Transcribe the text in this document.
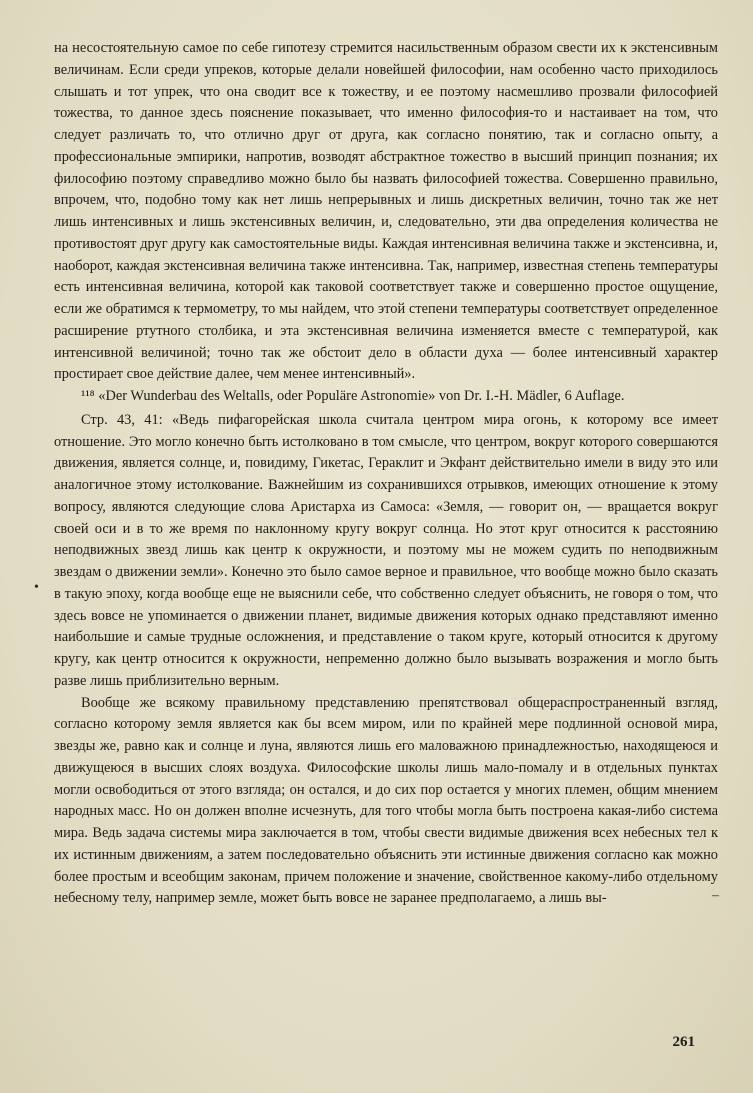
на несостоятельную самое по себе гипотезу стремится насильственным образом свести их к экстенсивным величинам. Если среди упреков, которые делали новейшей философии, нам особенно часто приходилось слышать и тот упрек, что она сводит все к тожеству, и ее поэтому насмешливо прозвали философией тожества, то данное здесь пояснение показывает, что именно философия-то и настаивает на том, что следует различать то, что отлично друг от друга, как согласно понятию, так и согласно опыту, а профессиональные эмпирики, напротив, возводят абстрактное тожество в высший принцип познания; их философию поэтому справедливо можно было бы назвать философией тожества. Совершенно правильно, впрочем, что, подобно тому как нет лишь непрерывных и лишь дискретных величин, точно так же нет лишь интенсивных и лишь экстенсивных величин, и, следовательно, эти два определения количества не противостоят друг другу как самостоятельные виды. Каждая интенсивная величина также и экстенсивна, и, наоборот, каждая экстенсивная величина также интенсивна. Так, например, известная степень температуры есть интенсивная величина, которой как таковой соответствует также и совершенно простое ощущение, если же обратимся к термометру, то мы найдем, что этой степени температуры соответствует определенное расширение ртутного столбика, и эта экстенсивная величина изменяется вместе с температурой, как интенсивной величиной; точно так же обстоит дело в области духа — более интенсивный характер простирает свое действие далее, чем менее интенсивный».

¹¹⁸ «Der Wunderbau des Weltalls, oder Populäre Astronomie» von Dr. I.-H. Mädler, 6 Auflage.

Стр. 43, 41: «Ведь пифагорейская школа считала центром мира огонь, к которому все имеет отношение. Это могло конечно быть истолковано в том смысле, что центром, вокруг которого совершаются движения, является солнце, и, повидиму, Гикетас, Гераклит и Экфант действительно имели в виду это или аналогичное этому истолкование. Важнейшим из сохранившихся отрывков, имеющих отношение к этому вопросу, являются следующие слова Аристарха из Самоса: «Земля, — говорит он, — вращается вокруг своей оси и в то же время по наклонному кругу вокруг солнца. Но этот круг относится к расстоянию неподвижных звезд лишь как центр к окружности, и поэтому мы не можем судить по неподвижным звездам о движении земли». Конечно это было самое верное и правильное, что вообще можно было сказать в такую эпоху, когда вообще еще не выяснили себе, что собственно следует объяснить, не говоря о том, что здесь вовсе не упоминается о движении планет, видимые движения которых однако представляют именно наибольшие и самые трудные осложнения, и представление о таком круге, который относится к другому кругу, как центр относится к окружности, непременно должно было вызывать возражения и могло быть разве лишь приблизительно верным.

Вообще же всякому правильному представлению препятствовал общераспространенный взгляд, согласно которому земля является как бы всем миром, или по крайней мере подлинной основой мира, звезды же, равно как и солнце и луна, являются лишь его маловажною принадлежностью, находящеюся и движущеюся в высших слоях воздуха. Философские школы лишь мало-помалу и в отдельных пунктах могли освободиться от этого взгляда; он остался, и до сих пор остается у многих племен, общим мнением народных масс. Но он должен вполне исчезнуть, для того чтобы могла быть построена какая-либо система мира. Ведь задача системы мира заключается в том, чтобы свести видимые движения всех небесных тел к их истинным движениям, а затем последовательно объяснить эти истинные движения согласно как можно более простым и всеобщим законам, причем положение и значение, свойственное какому-либо отдельному небесному телу, например земле, может быть вовсе не заранее предполагаемо, а лишь вы-

•
–
261
